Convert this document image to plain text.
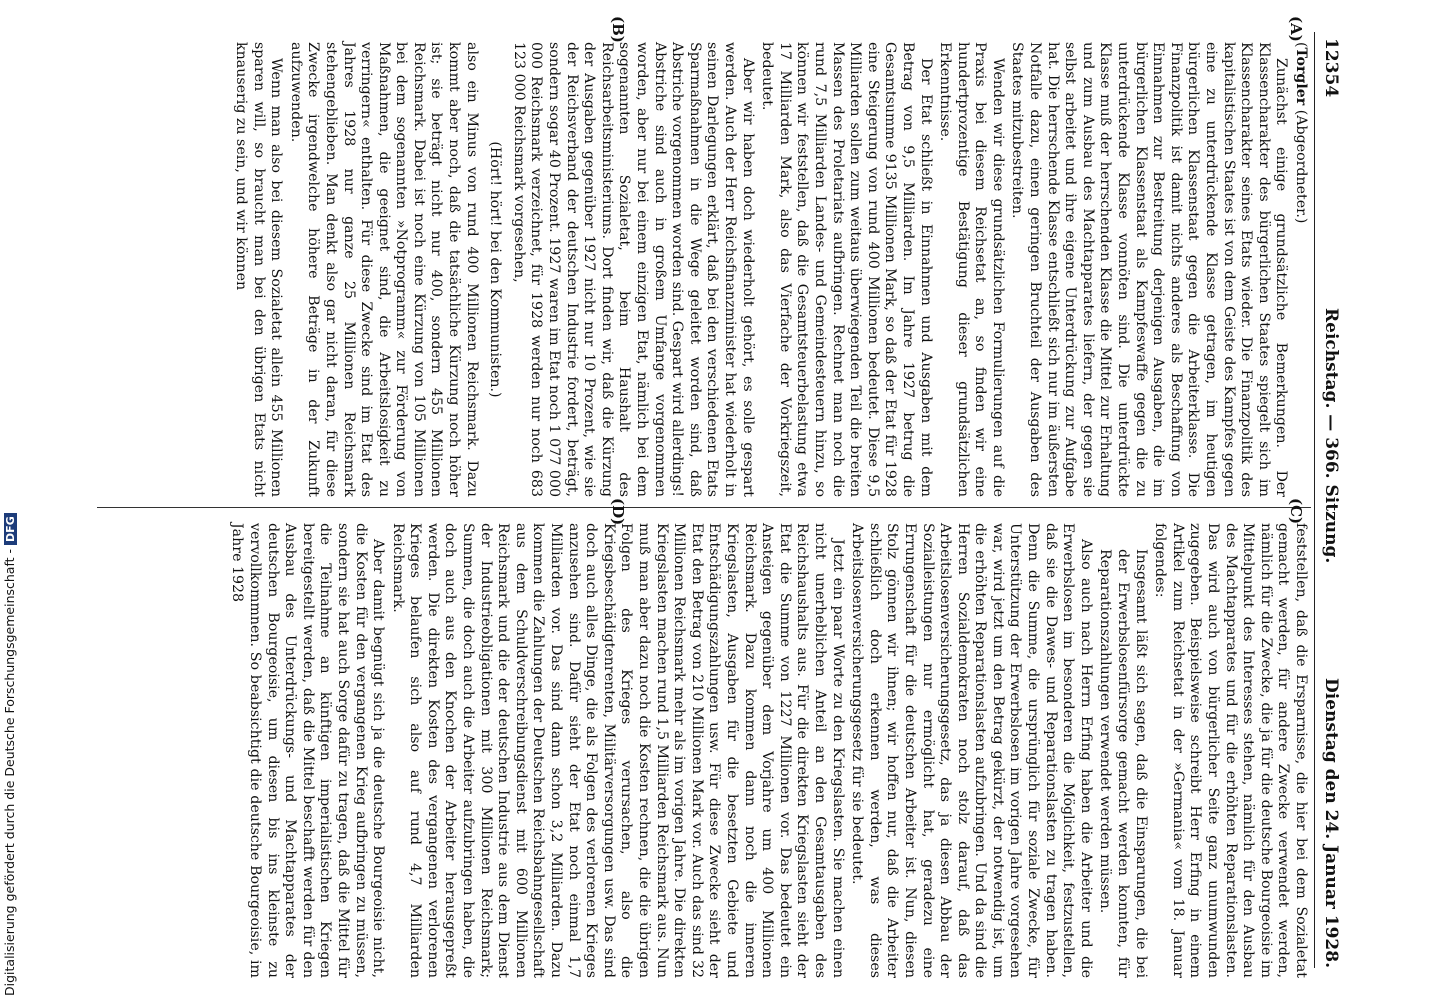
12354
Reichstag. — 366. Sitzung.
Dienstag den 24. Januar 1928.
(A)
(B)
(C)
(D)

(Torgler (Abgeordneter.)

Zunächst einige grundsätzliche Bemerkungen. Der Klassencharakter des bürgerlichen Staates spiegelt sich im Klassencharakter seines Etats wieder. Die Finanzpolitik des kapitalistischen Staates ist von dem Geiste des Kampfes gegen eine zu unterdrückende Klasse getragen, im heutigen bürgerlichen Klassenstaat gegen die Arbeiterklasse. Die Finanzpolitik ist damit nichts anderes als Beschaffung von Einnahmen zur Bestreitung derjenigen Ausgaben, die im bürgerlichen Klassenstaat als Kampfeswaffe gegen die zu unterdrückende Klasse vonnöten sind. Die unterdrückte Klasse muß der herrschenden Klasse die Mittel zur Erhaltung und zum Ausbau des Machtapparates liefern, der gegen sie selbst arbeitet und ihre eigene Unterdrückung zur Aufgabe hat. Die herrschende Klasse entschließt sich nur im äußersten Notfalle dazu, einen geringen Bruchteil der Ausgaben des Staates mitzubestreiten.

Wenden wir diese grundsätzlichen Formulierungen auf die Praxis bei diesem Reichsetat an, so finden wir eine hundertprozentige Bestätigung dieser grundsätzlichen Erkenntnisse.

Der Etat schließt in Einnahmen und Ausgaben mit dem Betrag von 9,5 Milliarden. Im Jahre 1927 betrug die Gesamtsumme 9135 Millionen Mark, so daß der Etat für 1928 eine Steigerung von rund 400 Millionen bedeutet. Diese 9,5 Milliarden sollen zum weitaus überwiegenden Teil die breiten Massen des Proletariats aufbringen. Rechnet man noch die rund 7,5 Milliarden Landes- und Gemeindesteuern hinzu, so können wir feststellen, daß die Gesamtsteuerbelastung etwa 17 Milliarden Mark, also das Vierfache der Vorkriegszeit, bedeutet.

Aber wir haben doch wiederholt gehört, es solle gespart werden. Auch der Herr Reichsfinanzminister hat wiederholt in seinen Darlegungen erklärt, daß bei den verschiedenen Etats Sparmaßnahmen in die Wege geleitet worden sind, daß Abstriche vorgenommen worden sind. Gespart wird allerdings! Abstriche sind auch in großem Umfange vorgenommen worden, aber nur bei einem einzigen Etat, nämlich bei dem sogenannten Sozialetat, beim Haushalt des Reichsarbeitsministeriums. Dort finden wir, daß die Kürzung der Ausgaben gegenüber 1927 nicht nur 10 Prozent, wie sie der Reichsverband der deutschen Industrie fordert, beträgt, sondern sogar 40 Prozent. 1927 waren im Etat noch 1 077 000 000 Reichsmark verzeichnet, für 1928 werden nur noch 683 123 000 Reichsmark vorgesehen,

(Hört! hört! bei den Kommunisten.)

also ein Minus von rund 400 Millionen Reichsmark. Dazu kommt aber noch, daß die tatsächliche Kürzung noch höher ist; sie beträgt nicht nur 400, sondern 455 Millionen Reichsmark. Dabei ist noch eine Kürzung von 105 Millionen bei dem sogenannten »Notprogramm« zur Förderung von Maßnahmen, die geeignet sind, die Arbeitslosigkeit zu verringern« enthalten. Für diese Zwecke sind im Etat des Jahres 1928 nur ganze 25 Millionen Reichsmark stehengeblieben. Man denkt also gar nicht daran, für diese Zwecke irgendwelche höhere Beträge in der Zukunft aufzuwenden.

Wenn man also bei diesem Sozialetat allein 455 Millionen sparen will, so braucht man bei den übrigen Etats nicht knauserig zu sein, und wir können

feststellen, daß die Ersparnisse, die hier bei dem Sozialetat gemacht werden, für andere Zwecke verwendet werden, nämlich für die Zwecke, die ja für die deutsche Bourgeoisie im Mittelpunkt des Interesses stehen, nämlich für den Ausbau des Machtapparates und für die erhöhten Reparationslasten. Das wird auch von bürgerlicher Seite ganz unumwunden zugegeben. Beispielsweise schreibt Herr Erfing in einem Artikel zum Reichsetat in der »Germania« vom 18. Januar folgendes:

Insgesamt läßt sich sagen, daß die Einsparungen, die bei der Erwerbslosenfürsorge gemacht werden konnten, für Reparationszahlungen verwendet werden müssen.

Also auch nach Herrn Erfing haben die Arbeiter und die Erwerbslosen im besonderen die Möglichkeit, festzustellen, daß sie die Dawes- und Reparationslasten zu tragen haben. Denn die Summe, die ursprünglich für soziale Zwecke, für Unterstützung der Erwerbslosen im vorigen Jahre vorgesehen war, wird jetzt um den Betrag gekürzt, der notwendig ist, um die erhöhten Reparationslasten aufzubringen. Und da sind die Herren Sozialdemokraten noch stolz darauf, daß das Arbeitslosenversicherungsgesetz, das ja diesen Abbau der Sozialleistungen nur ermöglicht hat, geradezu eine Errungenschaft für die deutschen Arbeiter ist. Nun, diesen Stolz gönnen wir ihnen; wir hoffen nur, daß die Arbeiter schließlich doch erkennen werden, was dieses Arbeitslosenversicherungsgesetz für sie bedeutet.

Jetzt ein paar Worte zu den Kriegslasten. Sie machen einen nicht unerheblichen Anteil an den Gesamtausgaben des Reichshaushalts aus. Für die direkten Kriegslasten sieht der Etat die Summe von 1227 Millionen vor. Das bedeutet ein Ansteigen gegenüber dem Vorjahre um 400 Millionen Reichsmark. Dazu kommen dann noch die inneren Kriegslasten, Ausgaben für die besetzten Gebiete und Entschädigungszahlungen usw. Für diese Zwecke sieht der Etat den Betrag von 210 Millionen Mark vor. Auch das sind 32 Millionen Reichsmark mehr als im vorigen Jahre. Die direkten Kriegslasten machen rund 1,5 Milliarden Reichsmark aus. Nun muß man aber dazu noch die Kosten rechnen, die die übrigen Folgen des Krieges verursachen, also die Kriegsbeschädigtenrenten, Militärversorgungen usw. Das sind doch auch alles Dinge, die als Folgen des verlorenen Krieges anzusehen sind. Dafür sieht der Etat noch einmal 1,7 Milliarden vor. Das sind dann schon 3,2 Milliarden. Dazu kommen die Zahlungen der Deutschen Reichsbahngesellschaft aus dem Schuldverschreibungsdienst mit 600 Millionen Reichsmark und die der deutschen Industrie aus dem Dienst der Industrieobligationen mit 300 Millionen Reichsmark; Summen, die doch auch die Arbeiter aufzubringen haben, die doch auch aus den Knochen der Arbeiter herausgepreßt werden. Die direkten Kosten des vergangenen verlorenen Krieges belaufen sich also auf rund 4,7 Milliarden Reichsmark.

Aber damit begnügt sich ja die deutsche Bourgeoisie nicht, die Kosten für den vergangenen Krieg aufbringen zu müssen, sondern sie hat auch Sorge dafür zu tragen, daß die Mittel für die Teilnahme an künftigen imperialistischen Kriegen bereitgestellt werden, daß die Mittel beschafft werden für den Ausbau des Unterdrückungs- und Machtapparates der deutschen Bourgeoisie, um diesen bis ins kleinste zu vervollkommnen. So beabsichtigt die deutsche Bourgeoisie, im Jahre 1928

Digitalisierung gefördert durch die Deutsche Forschungsgemeinschaft -DFG
